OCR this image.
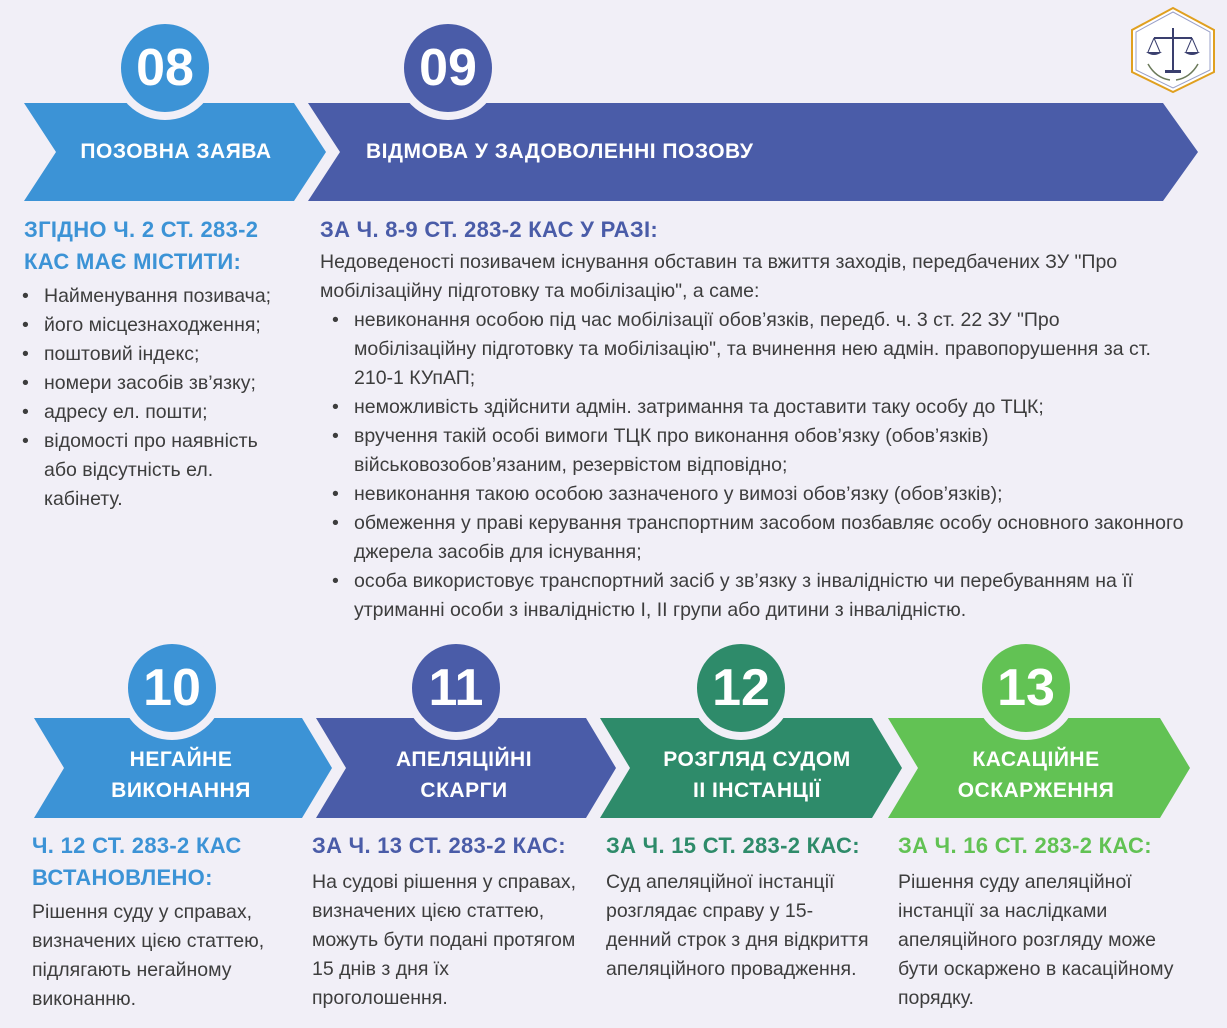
ПОЗОВНА ЗАЯВА	ВІДМОВА У ЗАДОВОЛЕННІ ПОЗОВУ
08	09
ЗГІДНО Ч. 2 СТ. 283-2
КАС МАЄ МІСТИТИ:
• Найменування позивача;
• його місцезнаходження;
• поштовий індекс;
• номери засобів зв’язку;
• адресу ел. пошти;
• відомості про наявність або відсутність ел. кабінету.
ЗА Ч. 8-9 СТ. 283-2 КАС У РАЗІ:
Недоведеності позивачем існування обставин та вжиття заходів, передбачених ЗУ "Про мобілізаційну підготовку та мобілізацію", а саме:
• невиконання особою під час мобілізації обов’язків, передб. ч. 3 ст. 22 ЗУ "Про мобілізаційну підготовку та мобілізацію", та вчинення нею адмін. правопорушення за ст. 210-1 КУпАП;
• неможливість здійснити адмін. затримання та доставити таку особу до ТЦК;
• вручення такій особі вимоги ТЦК про виконання обов’язку (обов’язків) військовозобов’язаним, резервістом відповідно;
• невиконання такою особою зазначеного у вимозі обов’язку (обов’язків);
• обмеження у праві керування транспортним засобом позбавляє особу основного законного джерела засобів для існування;
• особа використовує транспортний засіб у зв’язку з інвалідністю чи перебуванням на її утриманні особи з інвалідністю I, II групи або дитини з інвалідністю.
НЕГАЙНЕ
ВИКОНАННЯ
АПЕЛЯЦІЙНІ
СКАРГИ
РОЗГЛЯД СУДОМ
ІІ ІНСТАНЦІЇ
КАСАЦІЙНЕ
ОСКАРЖЕННЯ
10	11	12	13
Ч. 12 СТ. 283-2 КАС
ВСТАНОВЛЕНО:
Рішення суду у справах, визначених цією статтею, підлягають негайному виконанню.
ЗА Ч. 13 СТ. 283-2 КАС:
На судові рішення у справах, визначених цією статтею, можуть бути подані протягом 15 днів з дня їх проголошення.
ЗА Ч. 15 СТ. 283-2 КАС:
Суд апеляційної інстанції розглядає справу у 15-денний строк з дня відкриття апеляційного провадження.
ЗА Ч. 16 СТ. 283-2 КАС:
Рішення суду апеляційної інстанції за наслідками апеляційного розгляду може бути оскаржено в касаційному порядку.
